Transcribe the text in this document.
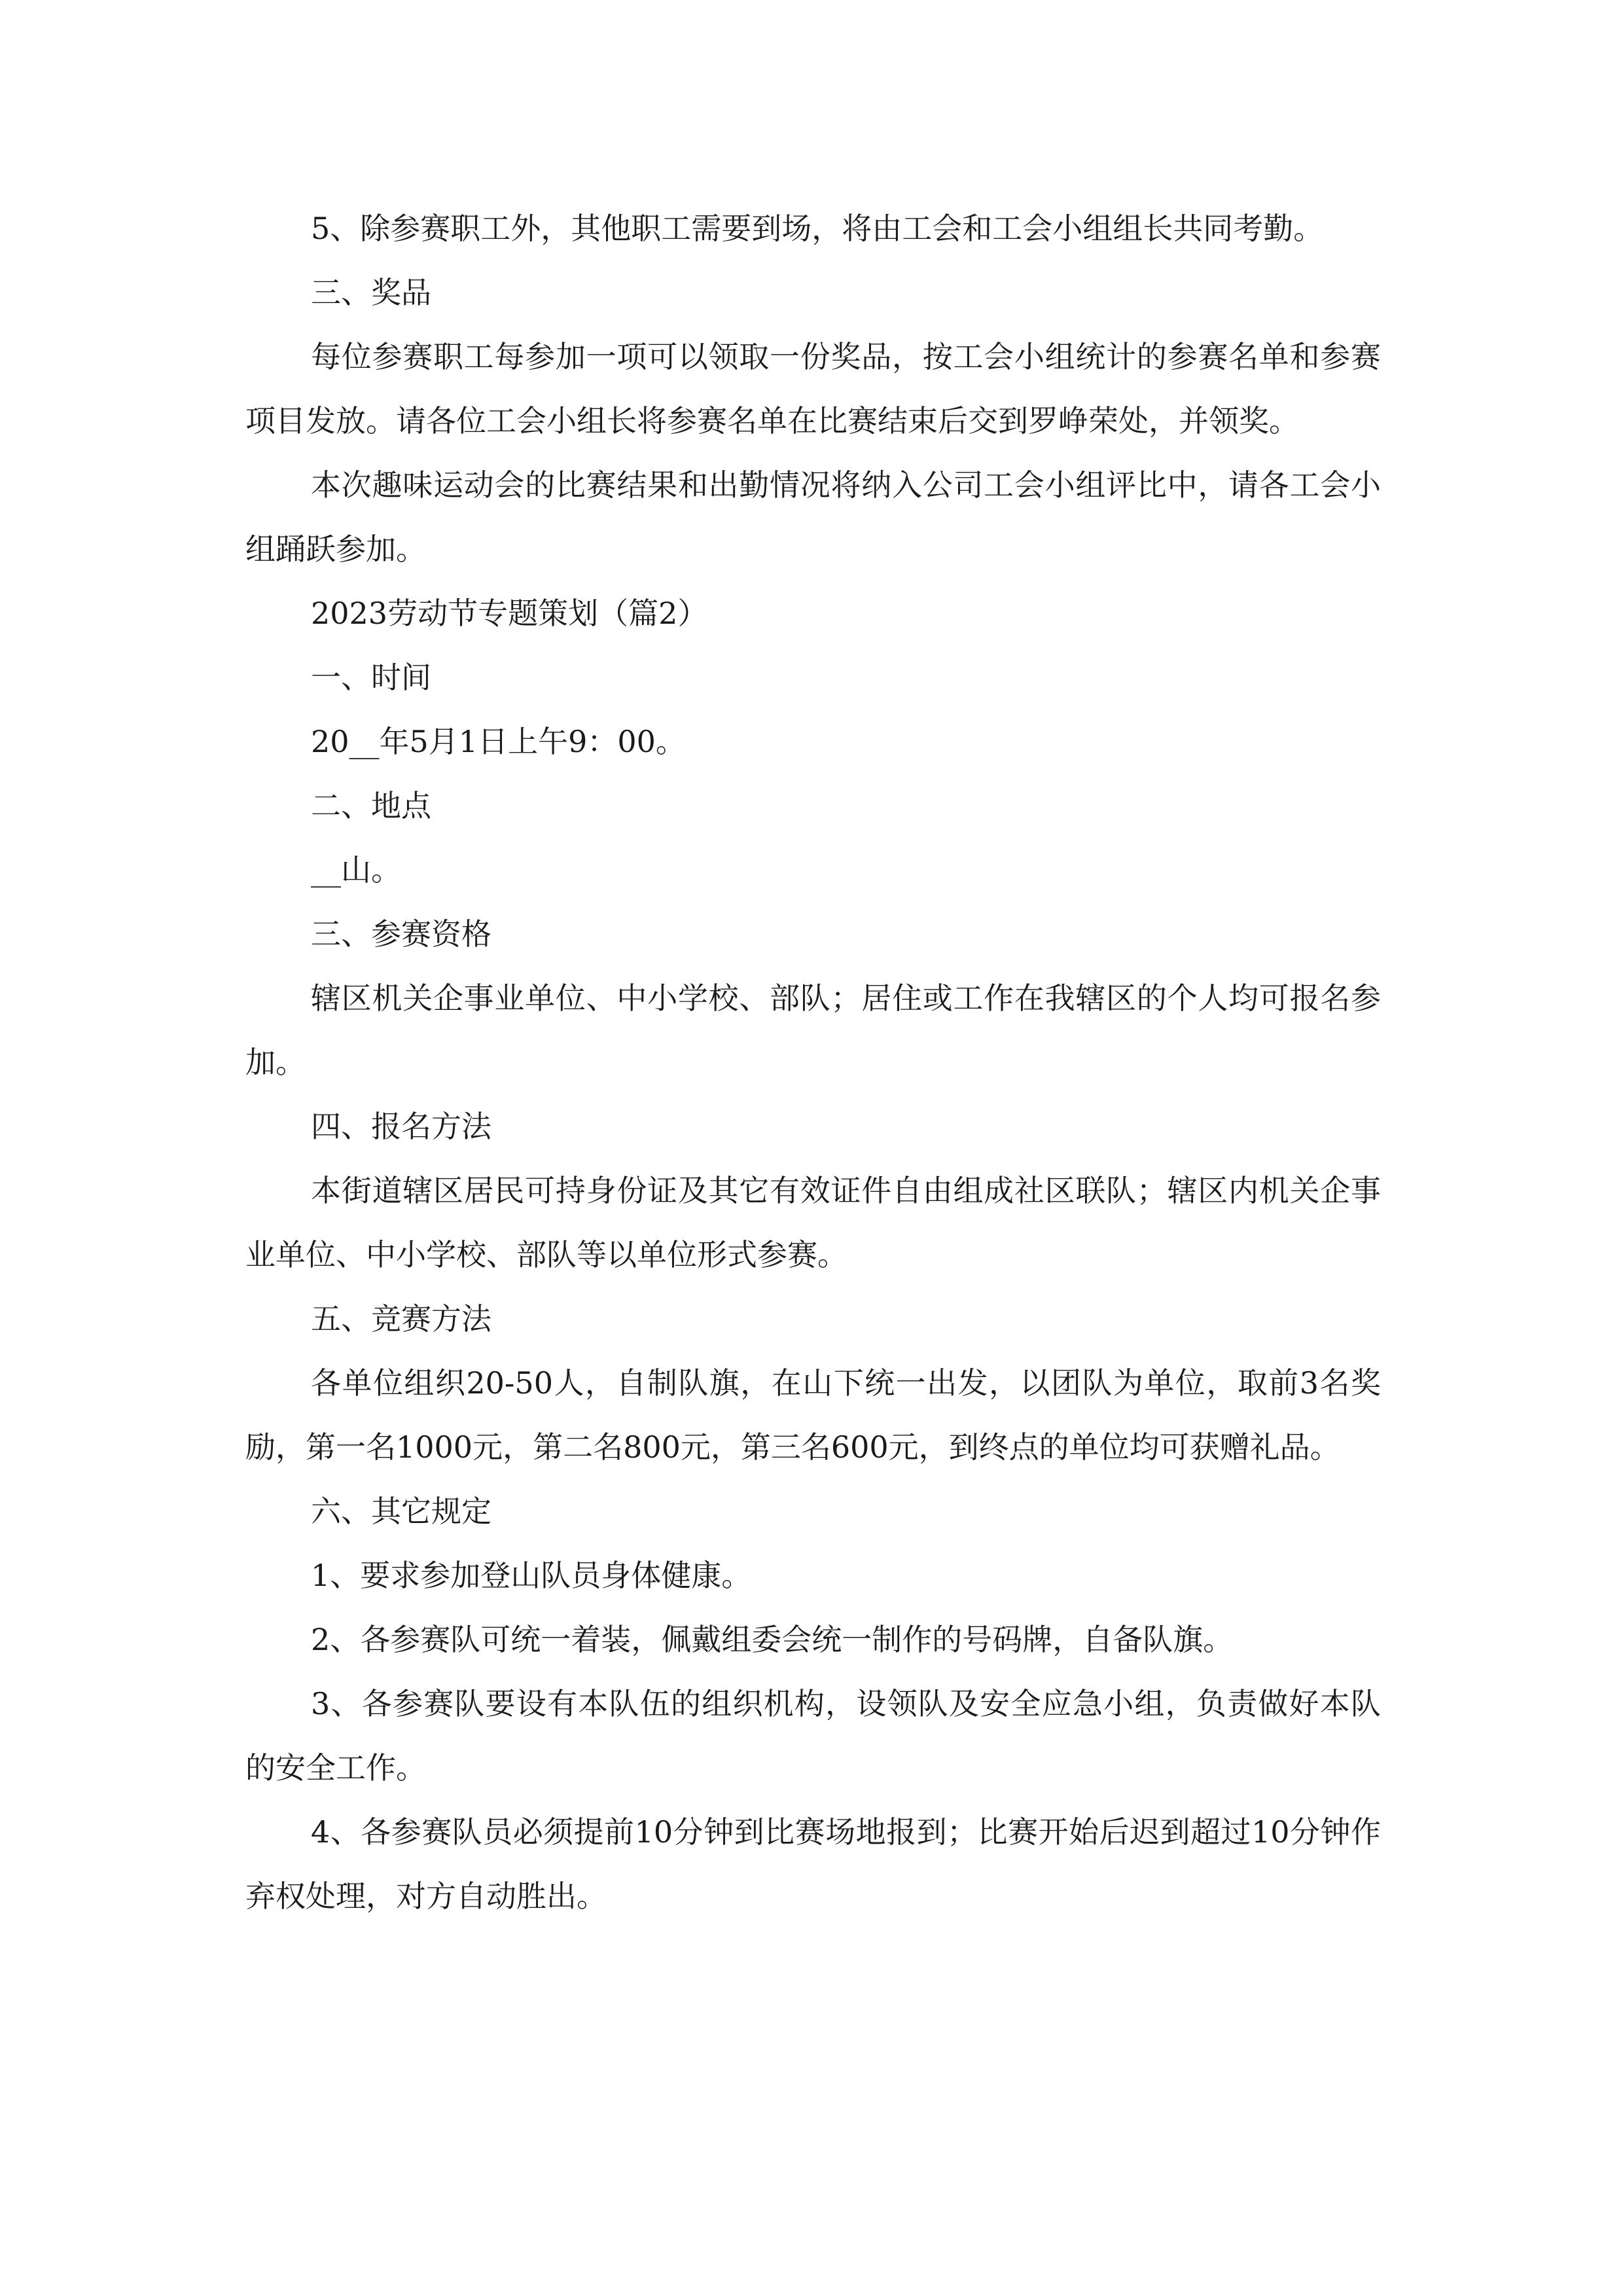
5、除参赛职工外，其他职工需要到场，将由工会和工会小组组长共同考勤。

三、奖品

每位参赛职工每参加一项可以领取一份奖品，按工会小组统计的参赛名单和参赛项目发放。请各位工会小组长将参赛名单在比赛结束后交到罗峥荣处，并领奖。

本次趣味运动会的比赛结果和出勤情况将纳入公司工会小组评比中，请各工会小组踊跃参加。

2023劳动节专题策划（篇2）

一、时间

20__年5月1日上午9：00。

二、地点

__山。

三、参赛资格

辖区机关企事业单位、中小学校、部队；居住或工作在我辖区的个人均可报名参加。

四、报名方法

本街道辖区居民可持身份证及其它有效证件自由组成社区联队；辖区内机关企事业单位、中小学校、部队等以单位形式参赛。

五、竞赛方法

各单位组织20-50人，自制队旗，在山下统一出发，以团队为单位，取前3名奖励，第一名1000元，第二名800元，第三名600元，到终点的单位均可获赠礼品。

六、其它规定

1、要求参加登山队员身体健康。

2、各参赛队可统一着装，佩戴组委会统一制作的号码牌，自备队旗。

3、各参赛队要设有本队伍的组织机构，设领队及安全应急小组，负责做好本队的安全工作。

4、各参赛队员必须提前10分钟到比赛场地报到；比赛开始后迟到超过10分钟作弃权处理，对方自动胜出。
